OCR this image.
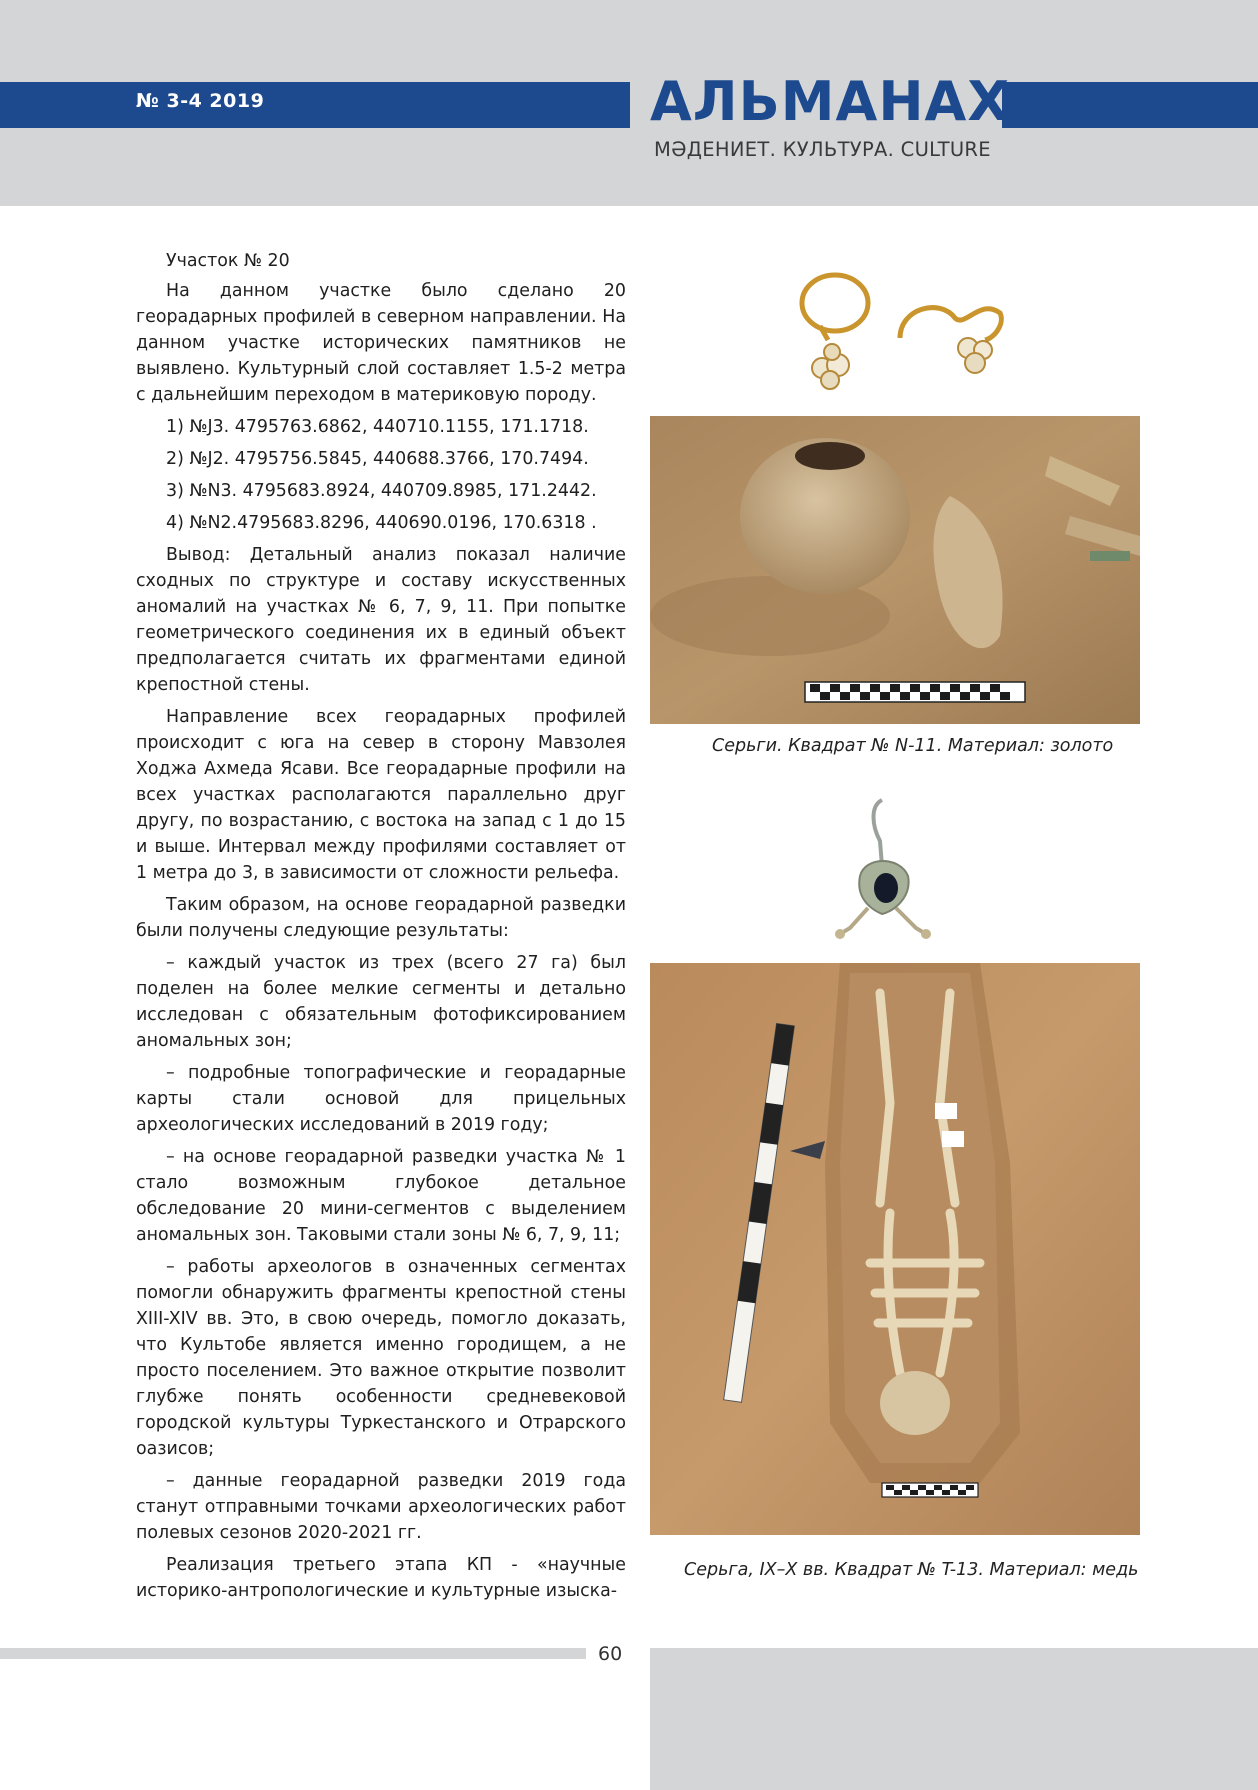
№ 3-4 2019	АЛЬМАНАХ
МӘДЕНИЕТ. КУЛЬТУРА. CULTURE

Участок № 20

На данном участке было сделано 20 георадарных профилей в северном направлении. На данном участке исторических памятников не выявлено. Культурный слой составляет 1.5-2 метра с дальнейшим переходом в материковую породу.

1) №J3. 4795763.6862, 440710.1155, 171.1718.

2) №J2. 4795756.5845, 440688.3766, 170.7494.

3) №N3. 4795683.8924, 440709.8985, 171.2442.

4) №N2.4795683.8296, 440690.0196, 170.6318 .

Вывод: Детальный анализ показал наличие сходных по структуре и составу искусственных аномалий на участках № 6, 7, 9, 11. При попытке геометрического соединения их в единый объект предполагается считать их фрагментами единой крепостной стены.

Направление всех георадарных профилей происходит с юга на север в сторону Мавзолея Ходжа Ахмеда Ясави. Все георадарные профили на всех участках располагаются параллельно друг другу, по возрастанию, с востока на запад с 1 до 15 и выше. Интервал между профилями составляет от 1 метра до 3, в зависимости от сложности рельефа.

Таким образом, на основе георадарной разведки были получены следующие результаты:

– каждый участок из трех (всего 27 га) был поделен на более мелкие сегменты и детально исследован с обязательным фотофиксированием аномальных зон;

– подробные топографические и георадарные карты стали основой для прицельных археологических исследований в 2019 году;

– на основе георадарной разведки участка № 1 стало возможным глубокое детальное обследование 20 мини-сегментов с выделением аномальных зон. Таковыми стали зоны № 6, 7, 9, 11;

– работы археологов в означенных сегментах помогли обнаружить фрагменты крепостной стены XIII-XIV вв. Это, в свою очередь, помогло доказать, что Культобе является именно городищем, а не просто поселением. Это важное открытие позволит глубже понять особенности средневековой городской культуры Туркестанского и Отрарского оазисов;

– данные георадарной разведки 2019 года станут отправными точками археологических работ полевых сезонов 2020-2021 гг.

Реализация третьего этапа КП - «научные историко-антропологические и культурные изыска-

Серьги. Квадрат № N-11. Материал: золото
Серьга, IX–X вв. Квадрат № T-13. Материал: медь
60
